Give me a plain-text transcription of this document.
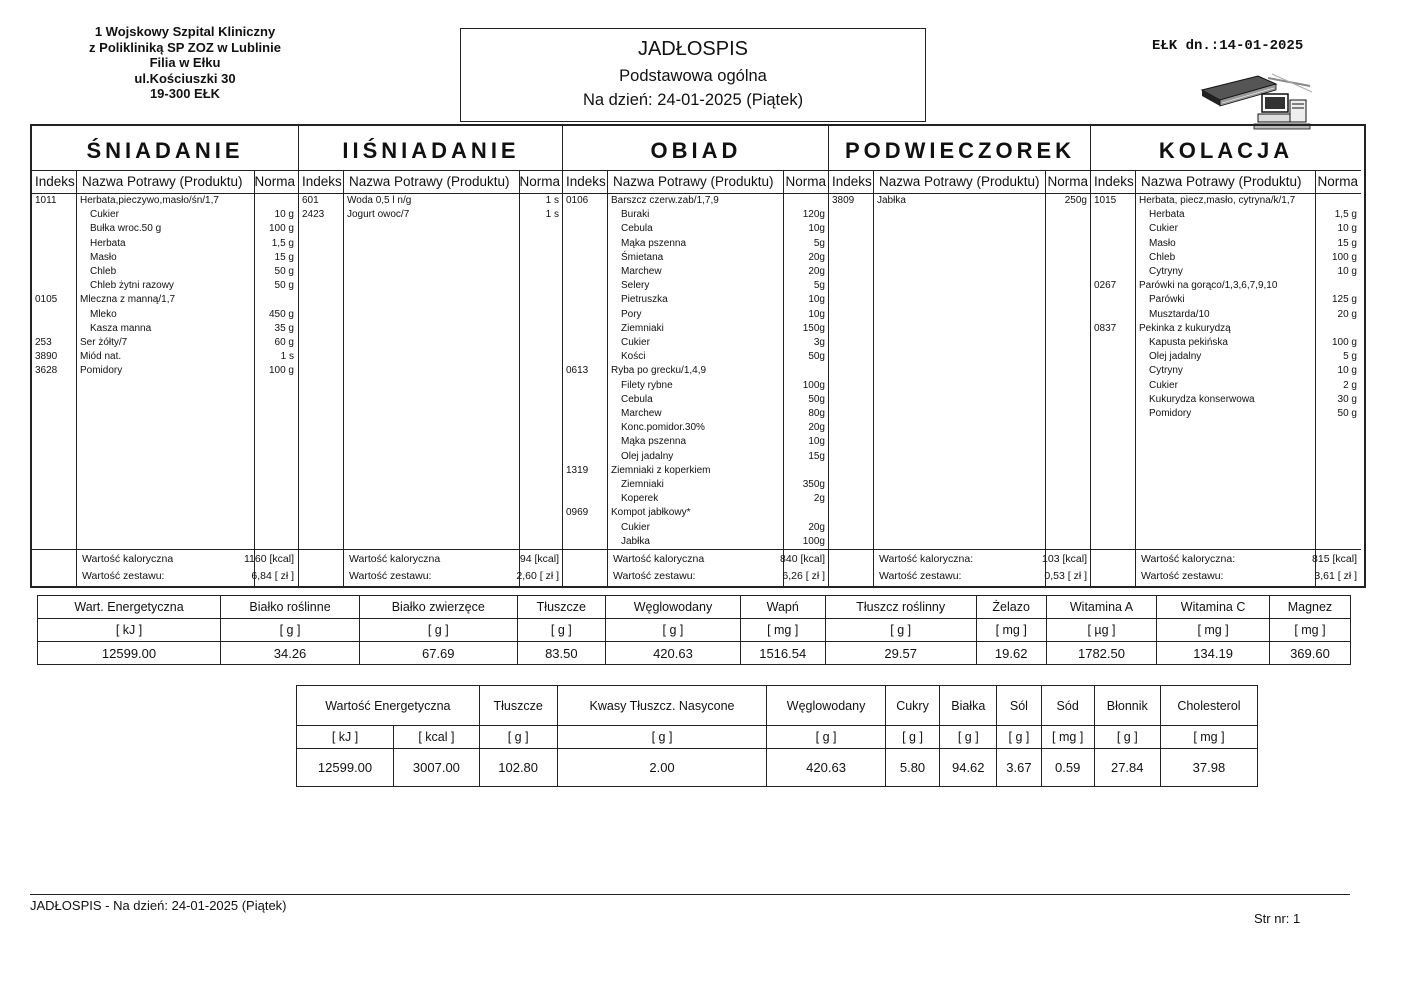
1 Wojskowy Szpital Kliniczny
z Polikliniką SP ZOZ w Lublinie
Filia w Ełku
ul.Kościuszki 30
19-300 EŁK
JADŁOSPIS
Podstawowa ogólna
Na dzień: 24-01-2025 (Piątek)
EŁK dn.:14-01-2025
ŚNIADANIE
Indeks Nazwa Potrawy (Produktu) Norma
1011 Herbata,pieczywo,masło/śn/1,7
Cukier	10 g
Bułka wroc.50 g	100 g
Herbata	1,5 g
Masło	15 g
Chleb	50 g
Chleb żytni razowy	50 g
0105 Mleczna z manną/1,7
Mleko	450 g
Kasza manna	35 g
253	Ser żółty/7	60 g
3890 Miód nat.	1 s
3628 Pomidory	100 g
Wartość kaloryczna	1160 [kcal]
Wartość zestawu:	6,84 [ zł ]
IIŚNIADANIE
Indeks Nazwa Potrawy (Produktu) Norma
601	Woda 0,5 l n/g	1 s
2423 Jogurt owoc/7	1 s
Wartość kaloryczna	94 [kcal]
Wartość zestawu:	2,60 [ zł ]
OBIAD
Indeks Nazwa Potrawy (Produktu) Norma
0106 Barszcz czerw.zab/1,7,9
Buraki	120g
Cebula	10g
Mąka pszenna	5g
Śmietana	20g
Marchew	20g
Selery	5g
Pietruszka	10g
Pory	10g
Ziemniaki	150g
Cukier	3g
Kości	50g
0613 Ryba po grecku/1,4,9
Filety rybne	100g
Cebula	50g
Marchew	80g
Konc.pomidor.30%	20g
Mąka pszenna	10g
Olej jadalny	15g
1319 Ziemniaki z koperkiem
Ziemniaki	350g
Koperek	2g
0969 Kompot jabłkowy*
Cukier	20g
Jabłka	100g
Wartość kaloryczna	840 [kcal]
Wartość zestawu:	6,26 [ zł ]
PODWIECZOREK
Indeks Nazwa Potrawy (Produktu) Norma
3809 Jabłka	250g
Wartość kaloryczna:	103 [kcal]
Wartość zestawu:	0,53 [ zł ]
KOLACJA
Indeks Nazwa Potrawy (Produktu) Norma
1015 Herbata, piecz,masło, cytryna/k/1,7
Herbata	1,5 g
Cukier	10 g
Masło	15 g
Chleb	100 g
Cytryny	10 g
0267 Parówki na gorąco/1,3,6,7,9,10
Parówki	125 g
Musztarda/10	20 g
0837 Pekinka z kukurydzą
Kapusta pekińska	100 g
Olej jadalny	5 g
Cytryny	10 g
Cukier	2 g
Kukurydza konserwowa	30 g
Pomidory	50 g
Wartość kaloryczna:	815 [kcal]
Wartość zestawu:	3,61 [ zł ]
Wart. Energetyczna	Białko roślinne	Białko zwierzęce	Tłuszcze	Węglowodany	Wapń	Tłuszcz roślinny	Żelazo	Witamina A	Witamina C	Magnez
[ kJ ]	[ g ]	[ g ]	[ g ]	[ g ]	[ mg ]	[ g ]	[ mg ]	[ µg ]	[ mg ]	[ mg ]
12599.00	34.26	67.69	83.50	420.63	1516.54	29.57	19.62	1782.50	134.19	369.60
Wartość Energetyczna		Tłuszcze	Kwasy Tłuszcz. Nasycone	Węglowodany	Cukry	Białka	Sól	Sód	Błonnik	Cholesterol
[ kJ ]	[ kcal ]	[ g ]	[ g ]	[ g ]	[ g ]	[ g ]	[ g ]	[ mg ]	[ g ]	[ mg ]
12599.00	3007.00	102.80	2.00	420.63	5.80	94.62	3.67	0.59	27.84	37.98
JADŁOSPIS - Na dzień: 24-01-2025 (Piątek)
Str nr: 1
